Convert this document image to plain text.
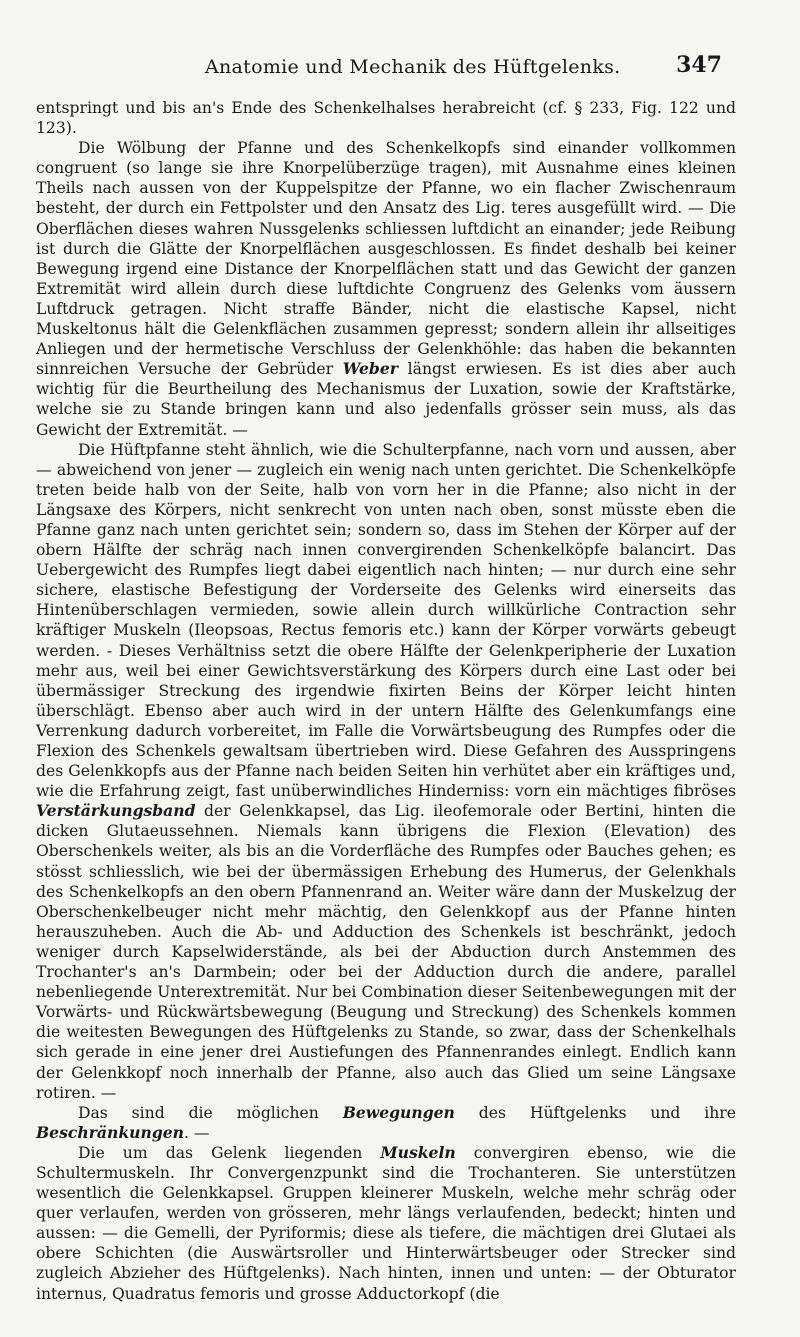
Anatomie und Mechanik des Hüftgelenks.	347

entspringt und bis an's Ende des Schenkelhalses herabreicht (cf. § 233, Fig. 122 und 123).

Die Wölbung der Pfanne und des Schenkelkopfs sind einander vollkommen congruent (so lange sie ihre Knorpelüberzüge tragen), mit Ausnahme eines kleinen Theils nach aussen von der Kuppelspitze der Pfanne, wo ein flacher Zwischenraum besteht, der durch ein Fettpolster und den Ansatz des Lig. teres ausgefüllt wird. — Die Oberflächen dieses wahren Nussgelenks schliessen luftdicht an einander; jede Reibung ist durch die Glätte der Knorpelflächen ausgeschlossen. Es findet deshalb bei keiner Bewegung irgend eine Distance der Knorpelflächen statt und das Gewicht der ganzen Extremität wird allein durch diese luftdichte Congruenz des Gelenks vom äussern Luftdruck getragen. Nicht straffe Bänder, nicht die elastische Kapsel, nicht Muskeltonus hält die Gelenkflächen zusammen gepresst; sondern allein ihr allseitiges Anliegen und der hermetische Verschluss der Gelenkhöhle: das haben die bekannten sinnreichen Versuche der Gebrüder Weber längst erwiesen. Es ist dies aber auch wichtig für die Beurtheilung des Mechanismus der Luxation, sowie der Kraftstärke, welche sie zu Stande bringen kann und also jedenfalls grösser sein muss, als das Gewicht der Extremität. —

Die Hüftpfanne steht ähnlich, wie die Schulterpfanne, nach vorn und aussen, aber — abweichend von jener — zugleich ein wenig nach unten gerichtet. Die Schenkelköpfe treten beide halb von der Seite, halb von vorn her in die Pfanne; also nicht in der Längsaxe des Körpers, nicht senkrecht von unten nach oben, sonst müsste eben die Pfanne ganz nach unten gerichtet sein; sondern so, dass im Stehen der Körper auf der obern Hälfte der schräg nach innen convergirenden Schenkelköpfe balancirt. Das Uebergewicht des Rumpfes liegt dabei eigentlich nach hinten; — nur durch eine sehr sichere, elastische Befestigung der Vorderseite des Gelenks wird einerseits das Hintenüberschlagen vermieden, sowie allein durch willkürliche Contraction sehr kräftiger Muskeln (Ileopsoas, Rectus femoris etc.) kann der Körper vorwärts gebeugt werden. - Dieses Verhältniss setzt die obere Hälfte der Gelenkperipherie der Luxation mehr aus, weil bei einer Gewichtsverstärkung des Körpers durch eine Last oder bei übermässiger Streckung des irgendwie fixirten Beins der Körper leicht hinten überschlägt. Ebenso aber auch wird in der untern Hälfte des Gelenkumfangs eine Verrenkung dadurch vorbereitet, im Falle die Vorwärtsbeugung des Rumpfes oder die Flexion des Schenkels gewaltsam übertrieben wird. Diese Gefahren des Ausspringens des Gelenkkopfs aus der Pfanne nach beiden Seiten hin verhütet aber ein kräftiges und, wie die Erfahrung zeigt, fast unüberwindliches Hinderniss: vorn ein mächtiges fibröses Verstärkungsband der Gelenkkapsel, das Lig. ileofemorale oder Bertini, hinten die dicken Glutaeussehnen. Niemals kann übrigens die Flexion (Elevation) des Oberschenkels weiter, als bis an die Vorderfläche des Rumpfes oder Bauches gehen; es stösst schliesslich, wie bei der übermässigen Erhebung des Humerus, der Gelenkhals des Schenkelkopfs an den obern Pfannenrand an. Weiter wäre dann der Muskelzug der Oberschenkelbeuger nicht mehr mächtig, den Gelenkkopf aus der Pfanne hinten herauszuheben. Auch die Ab- und Adduction des Schenkels ist beschränkt, jedoch weniger durch Kapselwiderstände, als bei der Abduction durch Anstemmen des Trochanter's an's Darmbein; oder bei der Adduction durch die andere, parallel nebenliegende Unterextremität. Nur bei Combination dieser Seitenbewegungen mit der Vorwärts- und Rückwärtsbewegung (Beugung und Streckung) des Schenkels kommen die weitesten Bewegungen des Hüftgelenks zu Stande, so zwar, dass der Schenkelhals sich gerade in eine jener drei Austiefungen des Pfannenrandes einlegt. Endlich kann der Gelenkkopf noch innerhalb der Pfanne, also auch das Glied um seine Längsaxe rotiren. —

Das sind die möglichen Bewegungen des Hüftgelenks und ihre Beschränkungen. —

Die um das Gelenk liegenden Muskeln convergiren ebenso, wie die Schultermuskeln. Ihr Convergenzpunkt sind die Trochanteren. Sie unterstützen wesentlich die Gelenkkapsel. Gruppen kleinerer Muskeln, welche mehr schräg oder quer verlaufen, werden von grösseren, mehr längs verlaufenden, bedeckt; hinten und aussen: — die Gemelli, der Pyriformis; diese als tiefere, die mächtigen drei Glutaei als obere Schichten (die Auswärtsroller und Hinterwärtsbeuger oder Strecker sind zugleich Abzieher des Hüftgelenks). Nach hinten, innen und unten: — der Obturator internus, Quadratus femoris und grosse Adductorkopf (die
